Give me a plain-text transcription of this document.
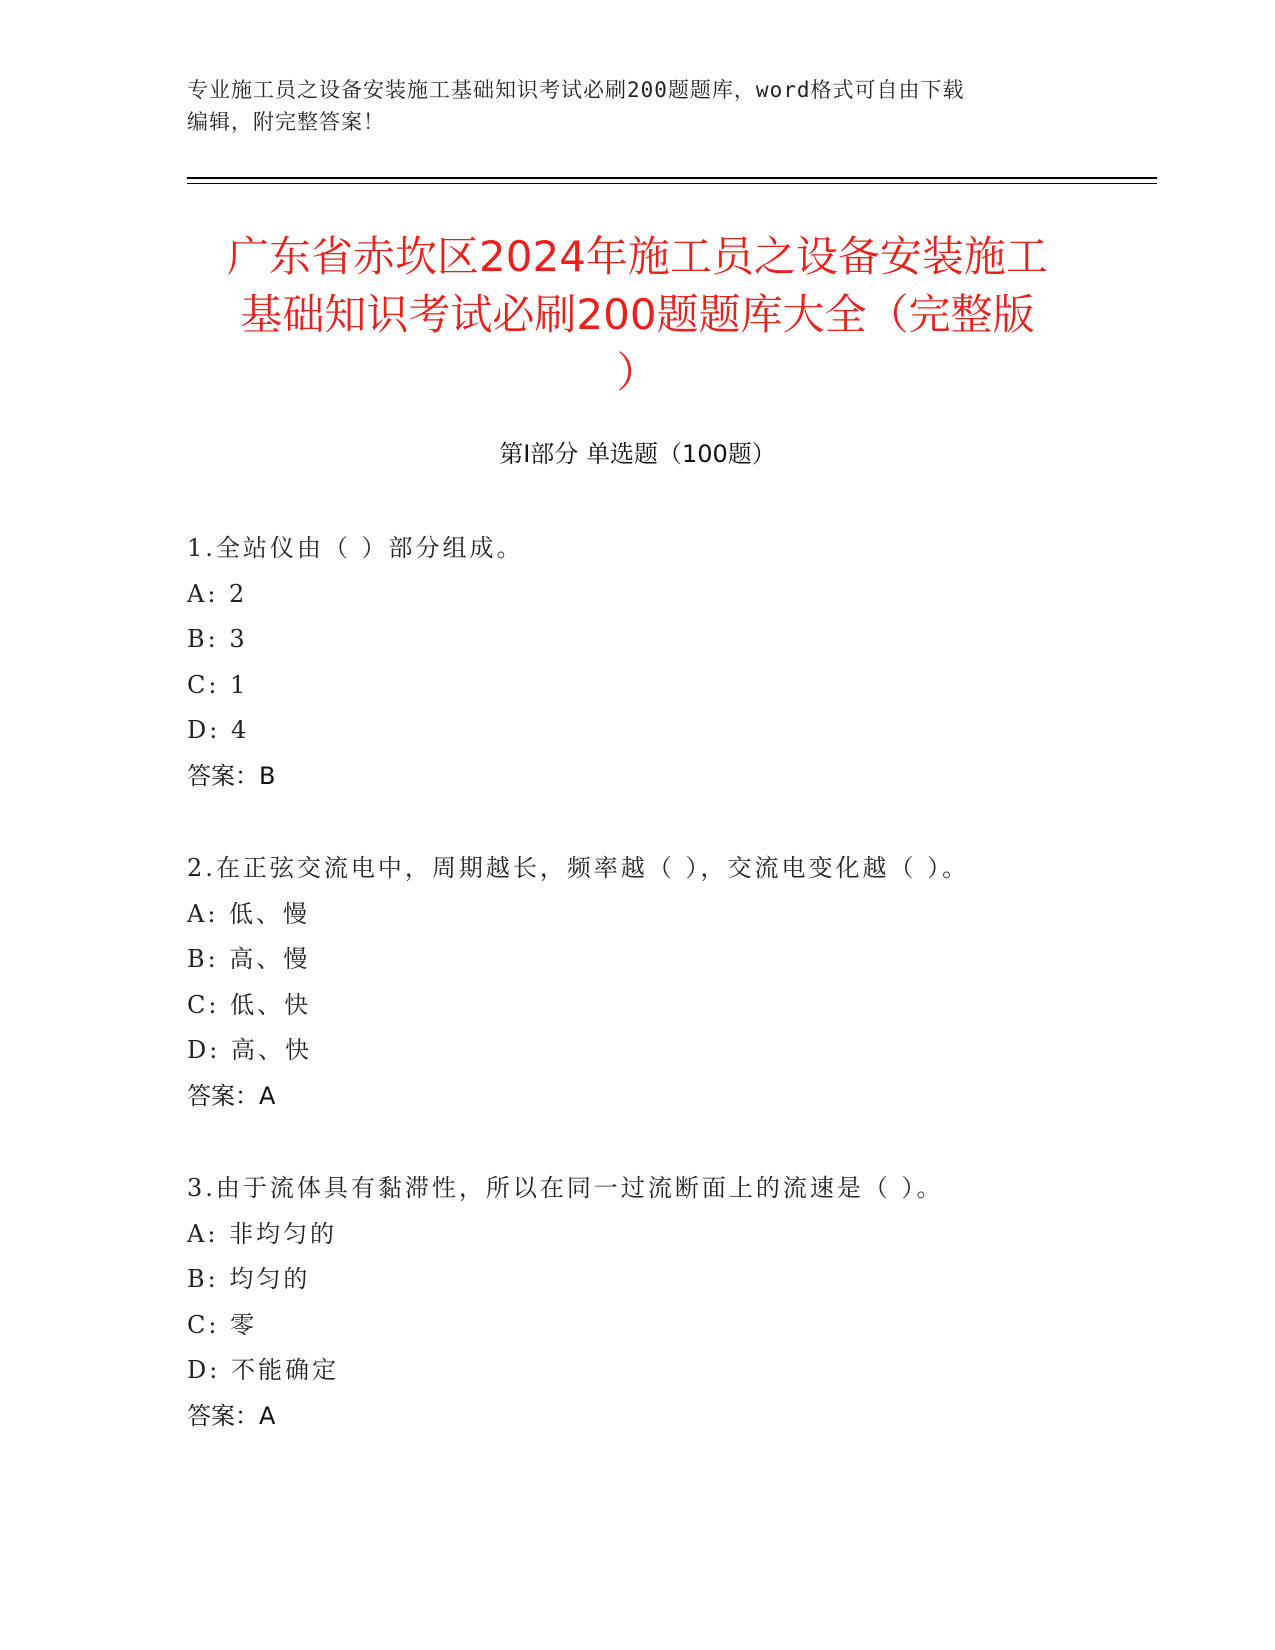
专业施工员之设备安装施工基础知识考试必刷200题题库，word格式可自由下载
编辑，附完整答案！
广东省赤坎区2024年施工员之设备安装施工
基础知识考试必刷200题题库大全（完整版
）
第I部分 单选题（100题）
1.全站仪由（ ）部分组成。
A: 2
B: 3
C: 1
D: 4
答案：B
2.在正弦交流电中，周期越长，频率越（ ），交流电变化越（ ）。
A: 低、慢
B: 高、慢
C: 低、快
D: 高、快
答案：A
3.由于流体具有黏滞性，所以在同一过流断面上的流速是（ ）。
A: 非均匀的
B: 均匀的
C: 零
D: 不能确定
答案：A
